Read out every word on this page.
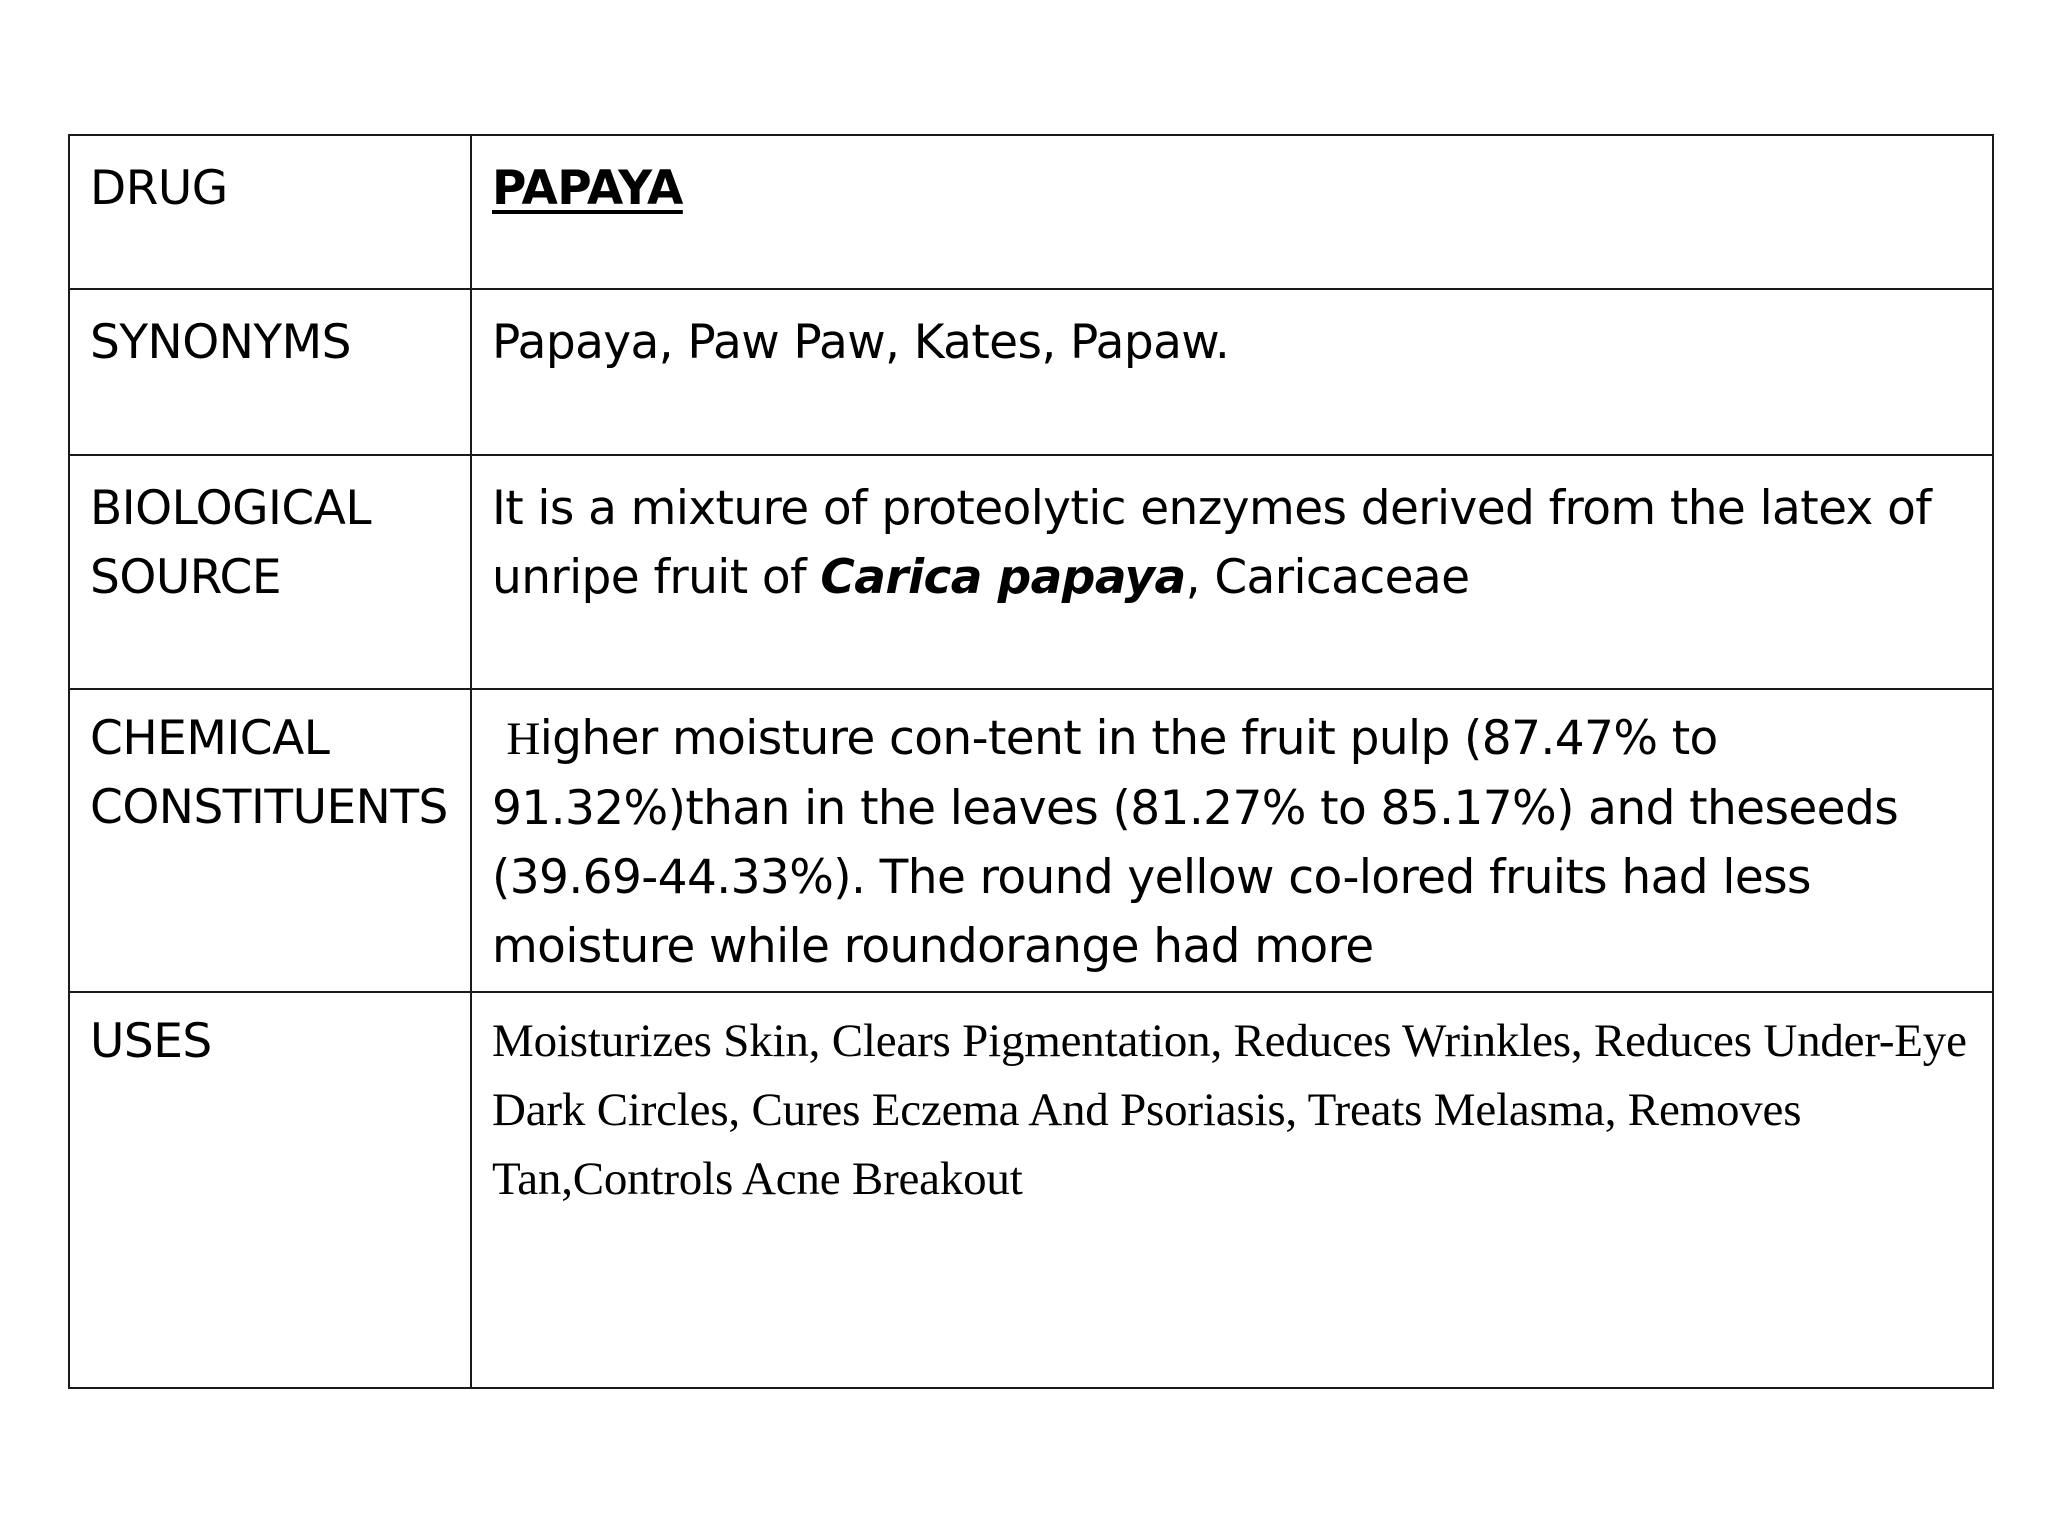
DRUG	PAPAYA
SYNONYMS	Papaya, Paw Paw, Kates, Papaw.
BIOLOGICAL
SOURCE	It is a mixture of proteolytic enzymes derived from the latex of unripe fruit of Carica papaya, Caricaceae
CHEMICAL
CONSTITUENTS	Higher moisture con-tent in the fruit pulp (87.47% to 91.32%)than in the leaves (81.27% to 85.17%) and theseeds (39.69-44.33%). The round yellow co-lored fruits had less moisture while roundorange had more
USES	Moisturizes Skin, Clears Pigmentation, Reduces Wrinkles, Reduces Under-Eye Dark Circles, Cures Eczema And Psoriasis, Treats Melasma, Removes Tan,Controls Acne Breakout
